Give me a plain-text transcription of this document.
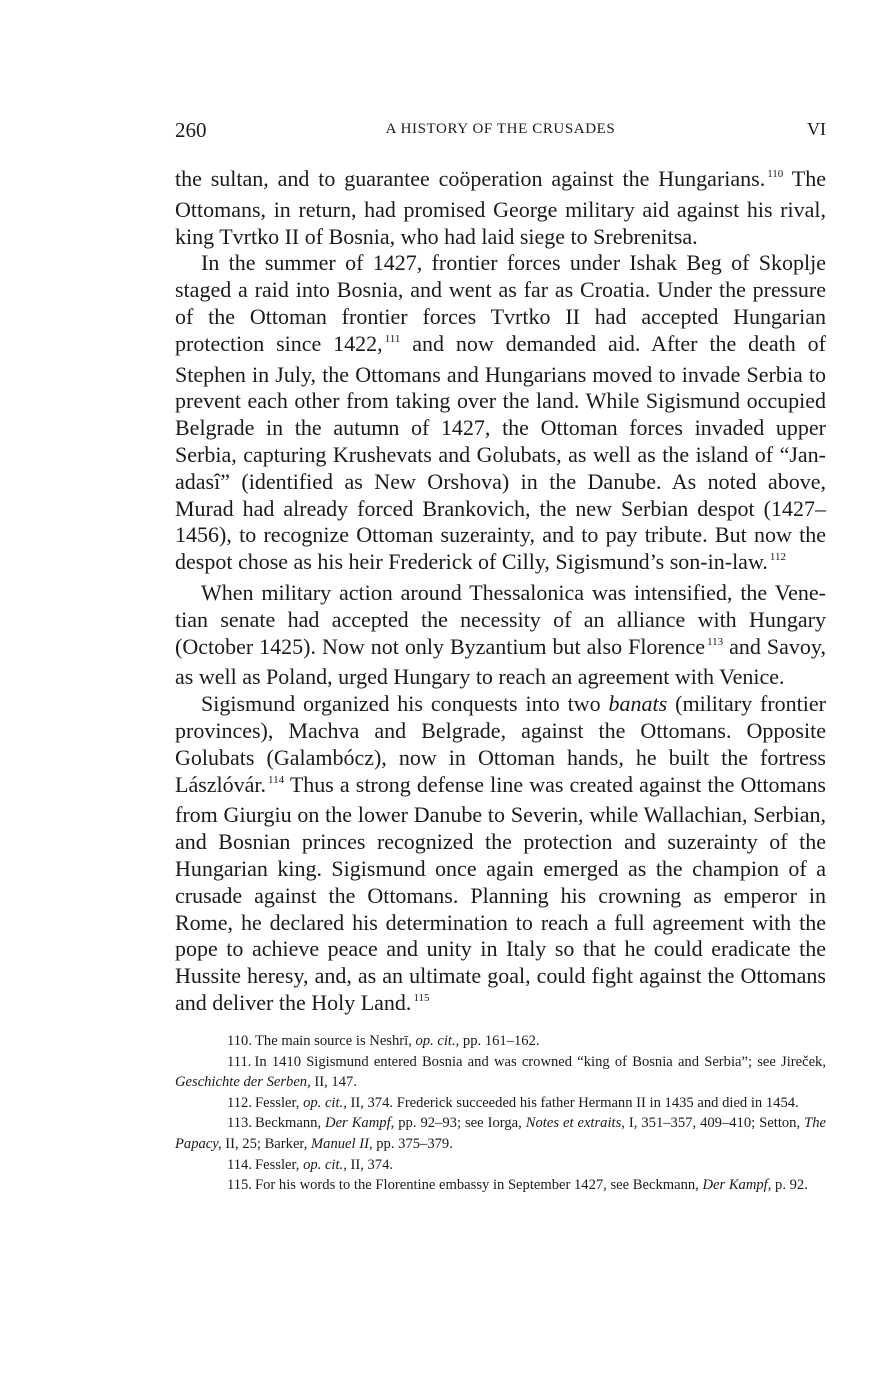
260	A HISTORY OF THE CRUSADES	VI

the sultan, and to guarantee coöperation against the Hungarians. $^{110}$ The Ottomans, in return, had promised George military aid against his rival, king Tvrtko II of Bosnia, who had laid siege to Srebrenitsa.

In the summer of 1427, frontier forces under Ishak Beg of Skoplje staged a raid into Bosnia, and went as far as Croatia. Under the pressure of the Ottoman frontier forces Tvrtko II had accepted Hungarian protection since 1422, $^{111}$ and now demanded aid. After the death of Stephen in July, the Ottomans and Hungarians moved to invade Serbia to prevent each other from taking over the land. While Sigismund occupied Belgrade in the autumn of 1427, the Ottoman forces invaded upper Serbia, capturing Krushevats and Golubats, as well as the island of “Jan-adasî” (identified as New Orshova) in the Danube. As noted above, Murad had already forced Brankovich, the new Serbian despot (1427–1456), to recognize Ottoman suzerainty, and to pay tribute. But now the despot chose as his heir Frederick of Cilly, Sigismund’s son-in-law. $^{112}$

When military action around Thessalonica was intensified, the Venetian senate had accepted the necessity of an alliance with Hungary (October 1425). Now not only Byzantium but also Florence $^{113}$ and Savoy, as well as Poland, urged Hungary to reach an agreement with Venice.

Sigismund organized his conquests into two banats (military frontier provinces), Machva and Belgrade, against the Ottomans. Opposite Golubats (Galambócz), now in Ottoman hands, he built the fortress Lászlóvár. $^{114}$ Thus a strong defense line was created against the Ottomans from Giurgiu on the lower Danube to Severin, while Wallachian, Serbian, and Bosnian princes recognized the protection and suzerainty of the Hungarian king. Sigismund once again emerged as the champion of a crusade against the Ottomans. Planning his crowning as emperor in Rome, he declared his determination to reach a full agreement with the pope to achieve peace and unity in Italy so that he could eradicate the Hussite heresy, and, as an ultimate goal, could fight against the Ottomans and deliver the Holy Land. $^{115}$

110. The main source is Neshrī, op. cit., pp. 161–162.

111. In 1410 Sigismund entered Bosnia and was crowned “king of Bosnia and Serbia”; see Jireček, Geschichte der Serben, II, 147.

112. Fessler, op. cit., II, 374. Frederick succeeded his father Hermann II in 1435 and died in 1454.

113. Beckmann, Der Kampf, pp. 92–93; see Iorga, Notes et extraits, I, 351–357, 409–410; Setton, The Papacy, II, 25; Barker, Manuel II, pp. 375–379.

114. Fessler, op. cit., II, 374.

115. For his words to the Florentine embassy in September 1427, see Beckmann, Der Kampf, p. 92.
